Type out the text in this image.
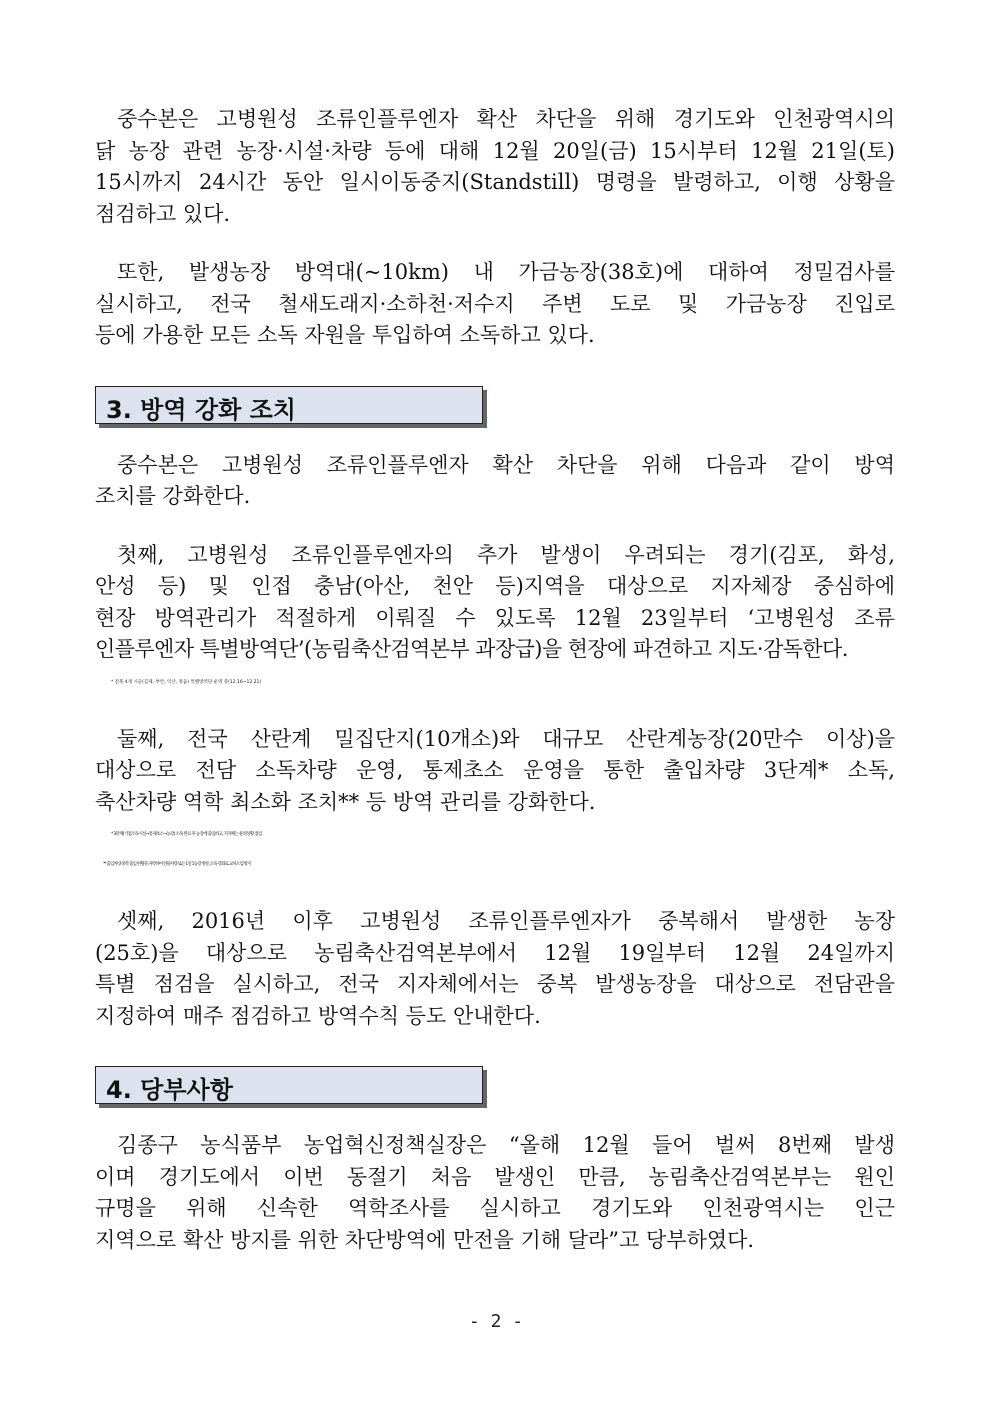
중수본은 고병원성 조류인플루엔자 확산 차단을 위해 경기도와 인천광역시의
닭 농장 관련 농장·시설·차량 등에 대해 12월 20일(금) 15시부터 12월 21일(토)
15시까지 24시간 동안 일시이동중지(Standstill) 명령을 발령하고, 이행 상황을
점검하고 있다.

또한, 발생농장 방역대(~10km) 내 가금농장(38호)에 대하여 정밀검사를
실시하고, 전국 철새도래지·소하천·저수지 주변 도로 및 가금농장 진입로
등에 가용한 모든 소독 자원을 투입하여 소독하고 있다.

3. 방역 강화 조치

중수본은 고병원성 조류인플루엔자 확산 차단을 위해 다음과 같이 방역
조치를 강화한다.

첫째, 고병원성 조류인플루엔자의 추가 발생이 우려되는 경기(김포, 화성,
안성 등) 및 인접 충남(아산, 천안 등)지역을 대상으로 지자체장 중심하에
현장 방역관리가 적절하게 이뤄질 수 있도록 12월 23일부터 ‘고병원성 조류
인플루엔자 특별방역단’(농림축산검역본부 과장급)을 현장에 파견하고 지도·감독한다.

* 전북 4개 시군(김제, 부안, 익산, 정읍) 특별방역단 운영 중(12.16~12.21)

둘째, 전국 산란계 밀집단지(10개소)와 대규모 산란계농장(20만수 이상)을
대상으로 전담 소독차량 운영, 통제초소 운영을 통한 출입차량 3단계* 소독,
축산차량 역학 최소화 조치** 등 방역 관리를 강화한다.

* 3단계(거점소독시설→통제초소→농장) 소독 완료 후 농장에 출입하고, 지자체는 운영상황 점검

** 출입차량 중복 출입 현황을 파악하여 전용차량 또는 1일 1농장 방문, 소독 강화로 교차오염 방지

셋째, 2016년 이후 고병원성 조류인플루엔자가 중복해서 발생한 농장
(25호)을 대상으로 농림축산검역본부에서 12월 19일부터 12월 24일까지
특별 점검을 실시하고, 전국 지자체에서는 중복 발생농장을 대상으로 전담관을
지정하여 매주 점검하고 방역수칙 등도 안내한다.

4. 당부사항

김종구 농식품부 농업혁신정책실장은 “올해 12월 들어 벌써 8번째 발생
이며 경기도에서 이번 동절기 처음 발생인 만큼, 농림축산검역본부는 원인
규명을 위해 신속한 역학조사를 실시하고 경기도와 인천광역시는 인근
지역으로 확산 방지를 위한 차단방역에 만전을 기해 달라”고 당부하였다.

- 2 -
